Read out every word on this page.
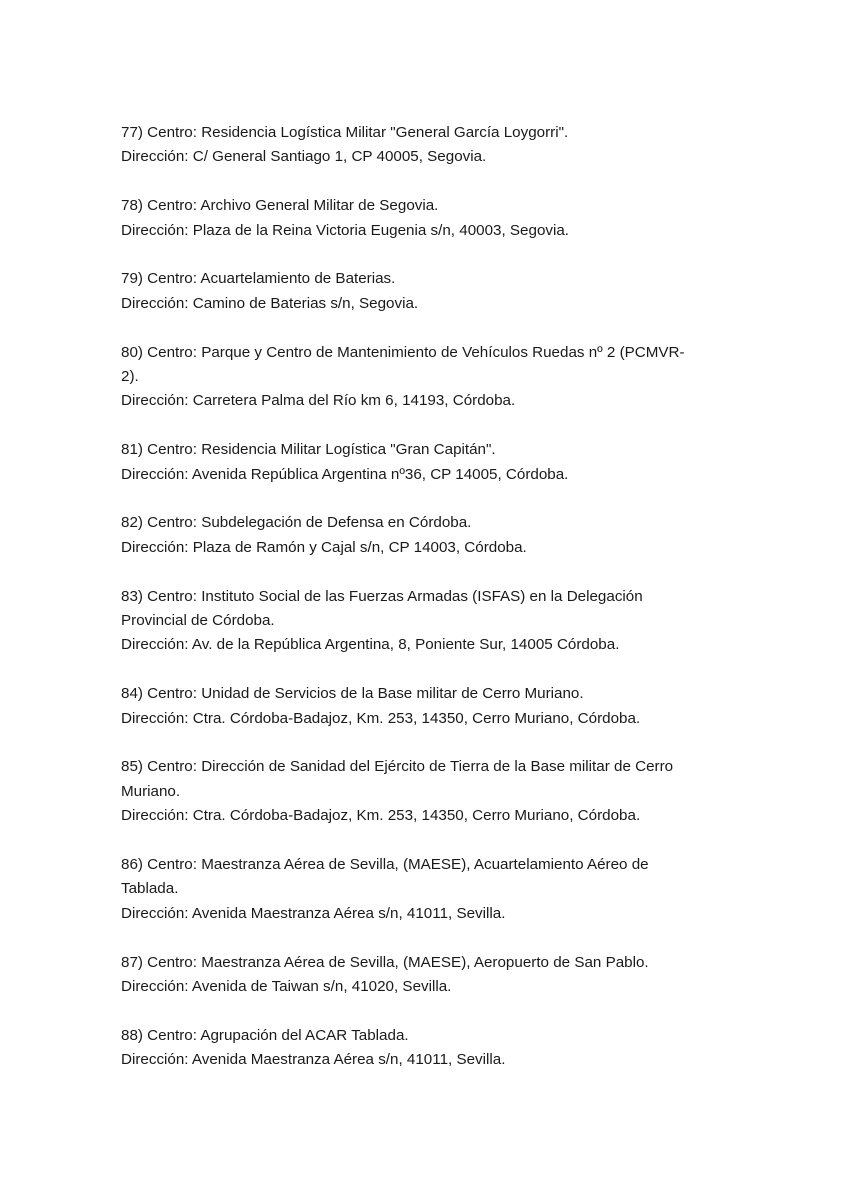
77) Centro: Residencia Logística Militar "General García Loygorri".
Dirección: C/ General Santiago 1, CP 40005, Segovia.
78) Centro: Archivo General Militar de Segovia.
Dirección: Plaza de la Reina Victoria Eugenia s/n, 40003, Segovia.
79) Centro: Acuartelamiento de Baterias.
Dirección: Camino de Baterias s/n, Segovia.
80) Centro: Parque y Centro de Mantenimiento de Vehículos Ruedas nº 2 (PCMVR-
2).
Dirección: Carretera Palma del Río km 6, 14193, Córdoba.
81) Centro: Residencia Militar Logística "Gran Capitán".
Dirección: Avenida República Argentina nº36, CP 14005, Córdoba.
82) Centro: Subdelegación de Defensa en Córdoba.
Dirección: Plaza de Ramón y Cajal s/n, CP 14003, Córdoba.
83) Centro: Instituto Social de las Fuerzas Armadas (ISFAS) en la Delegación
Provincial de Córdoba.
Dirección: Av. de la República Argentina, 8, Poniente Sur, 14005 Córdoba.
84) Centro: Unidad de Servicios de la Base militar de Cerro Muriano.
Dirección: Ctra. Córdoba-Badajoz, Km. 253, 14350, Cerro Muriano, Córdoba.
85) Centro: Dirección de Sanidad del Ejército de Tierra de la Base militar de Cerro
Muriano.
Dirección: Ctra. Córdoba-Badajoz, Km. 253, 14350, Cerro Muriano, Córdoba.
86) Centro: Maestranza Aérea de Sevilla, (MAESE), Acuartelamiento Aéreo de
Tablada.
Dirección: Avenida Maestranza Aérea s/n, 41011, Sevilla.
87) Centro: Maestranza Aérea de Sevilla, (MAESE), Aeropuerto de San Pablo.
Dirección: Avenida de Taiwan s/n, 41020, Sevilla.
88) Centro: Agrupación del ACAR Tablada.
Dirección: Avenida Maestranza Aérea s/n, 41011, Sevilla.
